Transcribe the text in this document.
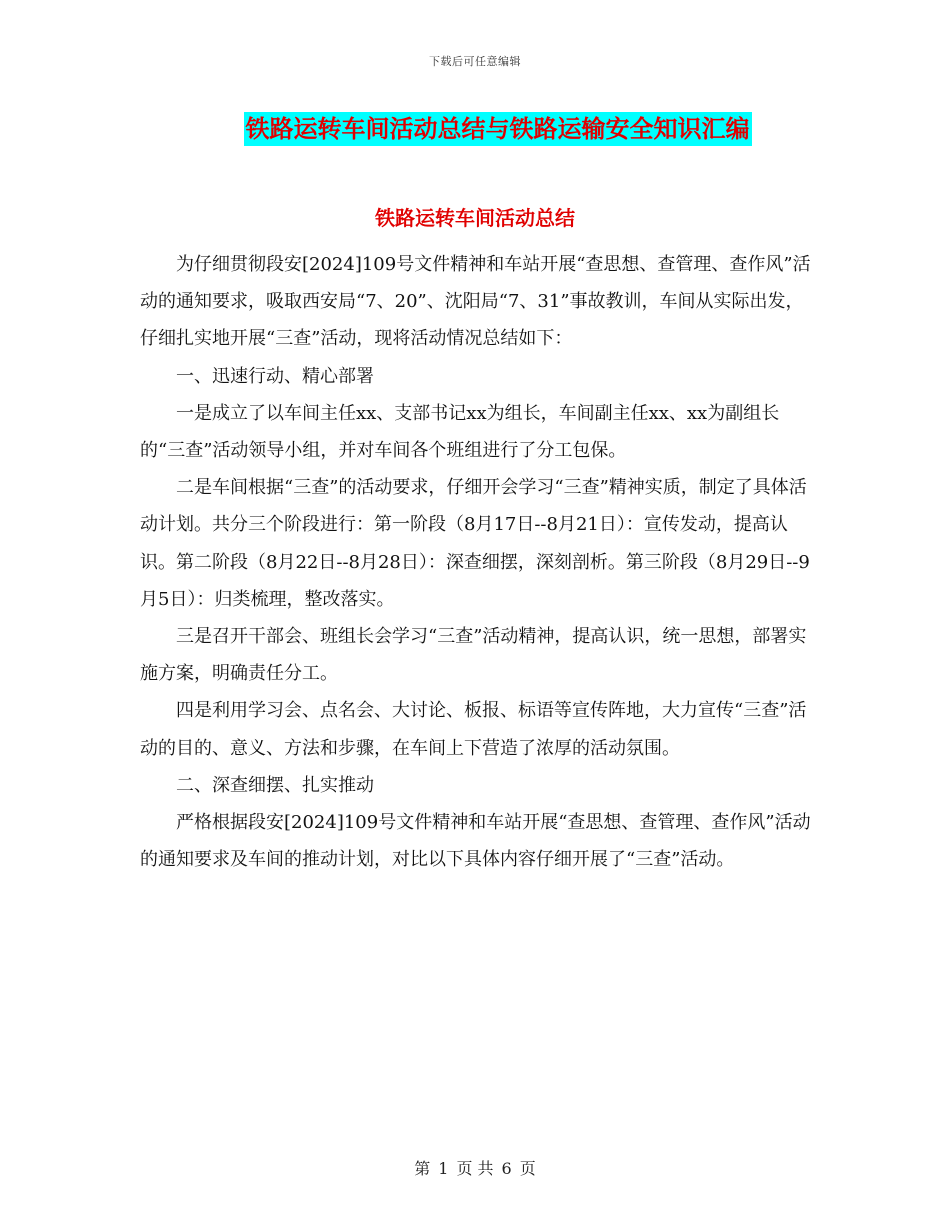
下载后可任意编辑
铁路运转车间活动总结与铁路运输安全知识汇编
铁路运转车间活动总结

为仔细贯彻段安[2024]109号文件精神和车站开展“查思想、查管理、查作风”活动的通知要求，吸取西安局“7、20”、沈阳局“7、31”事故教训，车间从实际出发，仔细扎实地开展“三查”活动，现将活动情况总结如下：

一、迅速行动、精心部署

一是成立了以车间主任xx、支部书记xx为组长，车间副主任xx、xx为副组长的“三查”活动领导小组，并对车间各个班组进行了分工包保。

二是车间根据“三查”的活动要求，仔细开会学习“三查”精神实质，制定了具体活动计划。共分三个阶段进行：第一阶段（8月17日--8月21日）：宣传发动，提高认识。第二阶段（8月22日--8月28日）：深查细摆，深刻剖析。第三阶段（8月29日--9月5日）：归类梳理，整改落实。

三是召开干部会、班组长会学习“三查”活动精神，提高认识，统一思想，部署实施方案，明确责任分工。

四是利用学习会、点名会、大讨论、板报、标语等宣传阵地，大力宣传“三查”活动的目的、意义、方法和步骤，在车间上下营造了浓厚的活动氛围。

二、深查细摆、扎实推动

严格根据段安[2024]109号文件精神和车站开展“查思想、查管理、查作风”活动的通知要求及车间的推动计划，对比以下具体内容仔细开展了“三查”活动。

第 1 页 共 6 页
